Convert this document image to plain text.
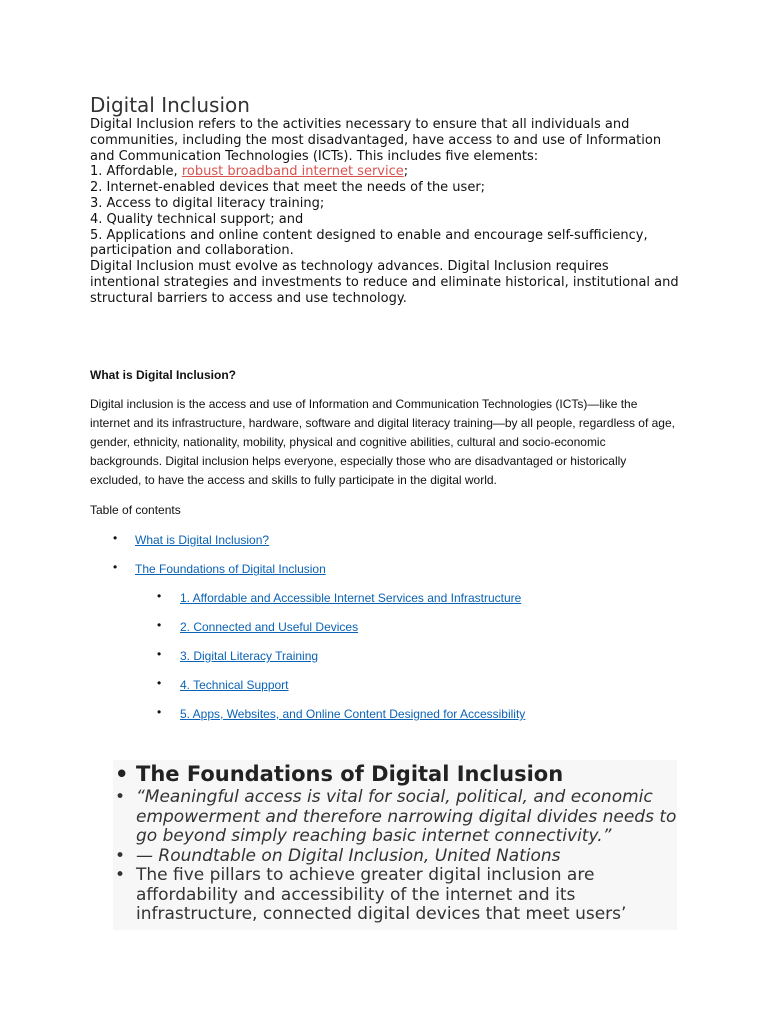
Digital Inclusion

Digital Inclusion refers to the activities necessary to ensure that all individuals and communities, including the most disadvantaged, have access to and use of Information and Communication Technologies (ICTs). This includes five elements:

1. Affordable, robust broadband internet service;

2. Internet-enabled devices that meet the needs of the user;

3. Access to digital literacy training;

4. Quality technical support; and

5. Applications and online content designed to enable and encourage self-sufficiency, participation and collaboration.

Digital Inclusion must evolve as technology advances. Digital Inclusion requires intentional strategies and investments to reduce and eliminate historical, institutional and structural barriers to access and use technology.

What is Digital Inclusion?

Digital inclusion is the access and use of Information and Communication Technologies (ICTs)—like the internet and its infrastructure, hardware, software and digital literacy training—by all people, regardless of age, gender, ethnicity, nationality, mobility, physical and cognitive abilities, cultural and socio-economic backgrounds. Digital inclusion helps everyone, especially those who are disadvantaged or historically excluded, to have the access and skills to fully participate in the digital world.

Table of contents

• What is Digital Inclusion?
• The Foundations of Digital Inclusion
• 1. Affordable and Accessible Internet Services and Infrastructure
• 2. Connected and Useful Devices
• 3. Digital Literacy Training
• 4. Technical Support
• 5. Apps, Websites, and Online Content Designed for Accessibility
• The Foundations of Digital Inclusion
• “Meaningful access is vital for social, political, and economic empowerment and therefore narrowing digital divides needs to go beyond simply reaching basic internet connectivity.”
• — Roundtable on Digital Inclusion, United Nations
• The five pillars to achieve greater digital inclusion are affordability and accessibility of the internet and its infrastructure, connected digital devices that meet users’
